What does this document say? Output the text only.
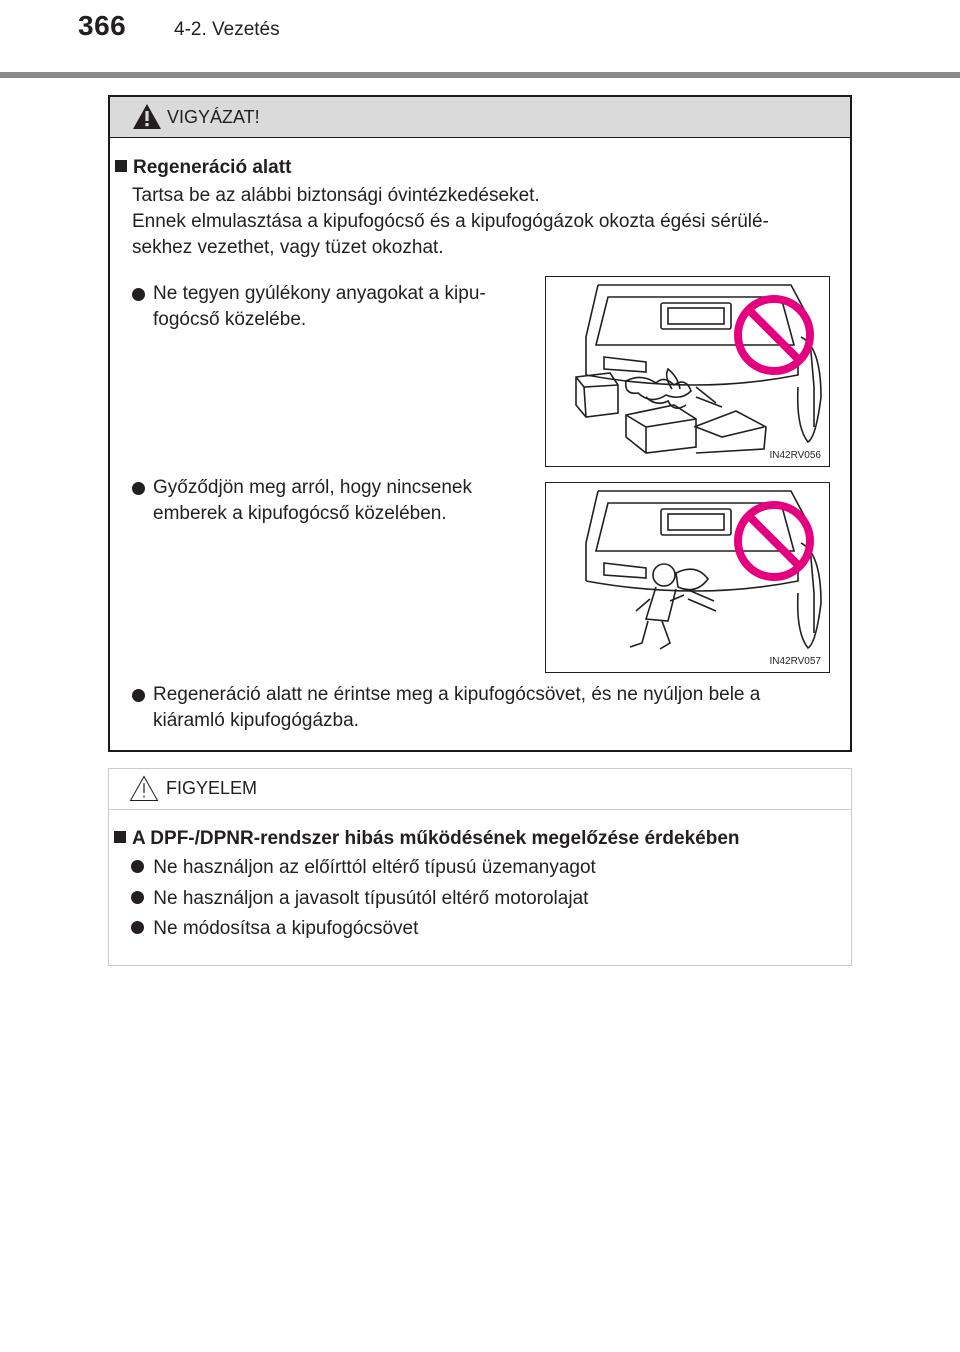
366	4-2. Vezetés
VIGYÁZAT!
Regeneráció alatt
Tartsa be az alábbi biztonsági óvintézkedéseket.
Ennek elmulasztása a kipufogócső és a kipufogógázok okozta égési sérülé-
sekhez vezethet, vagy tüzet okozhat.
Ne tegyen gyúlékony anyagokat a kipu-
fogócső közelébe.
IN42RV056
Győződjön meg arról, hogy nincsenek
emberek a kipufogócső közelében.
IN42RV057
Regeneráció alatt ne érintse meg a kipufogócsövet, és ne nyúljon bele a
kiáramló kipufogógázba.
FIGYELEM
A DPF-/DPNR-rendszer hibás működésének megelőzése érdekében
Ne használjon az előírttól eltérő típusú üzemanyagot
Ne használjon a javasolt típusútól eltérő motorolajat
Ne módosítsa a kipufogócsövet
